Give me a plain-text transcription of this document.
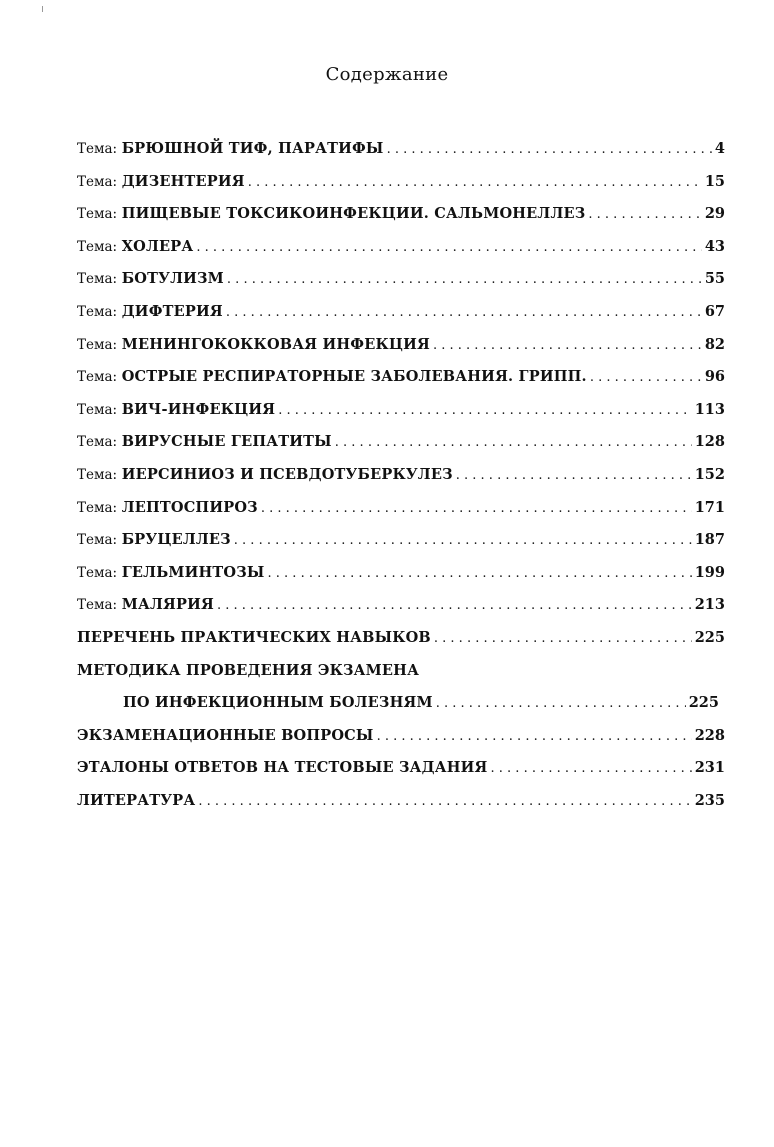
Содержание
Тема: БРЮШНОЙ ТИФ, ПАРАТИФЫ . . .	4
Тема: ДИЗЕНТЕРИЯ . . .	15
Тема: ПИЩЕВЫЕ ТОКСИКОИНФЕКЦИИ. САЛЬМОНЕЛЛЕЗ . . .	29
Тема: ХОЛЕРА . . .	43
Тема: БОТУЛИЗМ . . .	55
Тема: ДИФТЕРИЯ . . .	67
Тема: МЕНИНГОКОККОВАЯ ИНФЕКЦИЯ . . .	82
Тема: ОСТРЫЕ РЕСПИРАТОРНЫЕ ЗАБОЛЕВАНИЯ. ГРИПП. . . .	96
Тема: ВИЧ-ИНФЕКЦИЯ . . .	113
Тема: ВИРУСНЫЕ ГЕПАТИТЫ . . .	128
Тема: ИЕРСИНИОЗ И ПСЕВДОТУБЕРКУЛЕЗ . . .	152
Тема: ЛЕПТОСПИРОЗ . . .	171
Тема: БРУЦЕЛЛЕЗ . . .	187
Тема: ГЕЛЬМИНТОЗЫ . . .	199
Тема: МАЛЯРИЯ . . .	213
ПЕРЕЧЕНЬ ПРАКТИЧЕСКИХ НАВЫКОВ . . .	225
МЕТОДИКА ПРОВЕДЕНИЯ ЭКЗАМЕНА
ПО ИНФЕКЦИОННЫМ БОЛЕЗНЯМ . . .	225
ЭКЗАМЕНАЦИОННЫЕ ВОПРОСЫ . . .	228
ЭТАЛОНЫ ОТВЕТОВ НА ТЕСТОВЫЕ ЗАДАНИЯ . . .	231
ЛИТЕРАТУРА . . .	235
